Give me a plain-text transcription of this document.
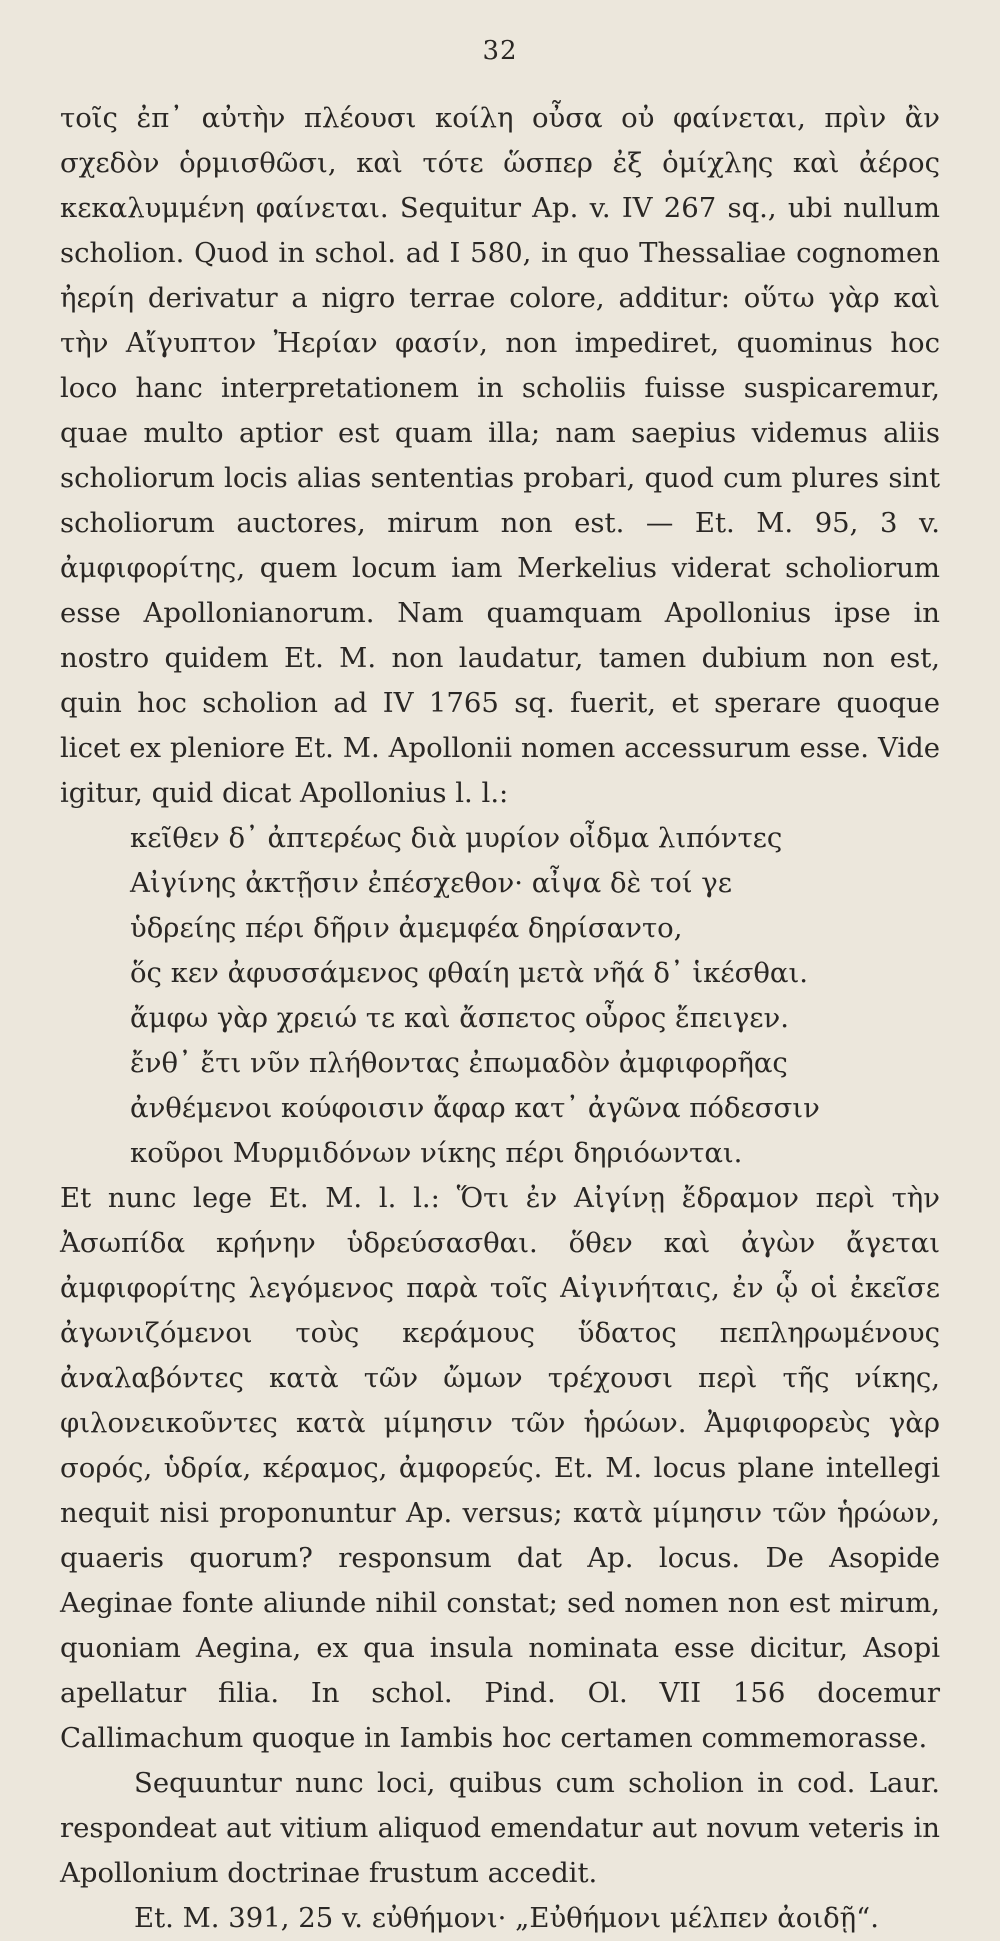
32

τοῖς ἐπ᾽ αὐτὴν πλέουσι κοίλη οὖσα οὐ φαίνεται, πρὶν ἂν σχεδὸν ὁρμισθῶσι, καὶ τότε ὥσπερ ἐξ ὁμίχλης καὶ ἀέρος κεκαλυμμένη φαίνεται. Sequitur Ap. v. IV 267 sq., ubi nullum scholion. Quod in schol. ad I 580, in quo Thessaliae cognomen ἠερίη derivatur a nigro terrae colore, additur: οὕτω γὰρ καὶ τὴν Αἴγυπτον Ἠερίαν φασίν, non impediret, quominus hoc loco hanc interpretationem in scholiis fuisse suspicaremur, quae multo aptior est quam illa; nam saepius videmus aliis scholiorum locis alias sententias probari, quod cum plures sint scholiorum auctores, mirum non est. — Et. M. 95, 3 v. ἀμφιφορίτης, quem locum iam Merkelius viderat scholiorum esse Apollonianorum. Nam quamquam Apollonius ipse in nostro quidem Et. M. non laudatur, tamen dubium non est, quin hoc scholion ad IV 1765 sq. fuerit, et sperare quoque licet ex pleniore Et. M. Apollonii nomen accessurum esse. Vide igitur, quid dicat Apollonius l. l.:

κεῖθεν δ᾽ ἀπτερέως διὰ μυρίον οἶδμα λιπόντες
Αἰγίνης ἀκτῇσιν ἐπέσχεθον· αἶψα δὲ τοί γε
ὑδρείης πέρι δῆριν ἀμεμφέα δηρίσαντο,
ὅς κεν ἀφυσσάμενος φθαίη μετὰ νῆά δ᾽ ἱκέσθαι.
ἄμφω γὰρ χρειώ τε καὶ ἄσπετος οὖρος ἔπειγεν.
ἔνθ᾽ ἔτι νῦν πλήθοντας ἐπωμαδὸν ἀμφιφορῆας
ἀνθέμενοι κούφοισιν ἄφαρ κατ᾽ ἀγῶνα πόδεσσιν
κοῦροι Μυρμιδόνων νίκης πέρι δηριόωνται.

Et nunc lege Et. M. l. l.: Ὅτι ἐν Αἰγίνῃ ἔδραμον περὶ τὴν Ἀσωπίδα κρήνην ὑδρεύσασθαι. ὅθεν καὶ ἀγὼν ἄγεται ἀμφιφορίτης λεγόμενος παρὰ τοῖς Αἰγινήταις, ἐν ᾧ οἱ ἐκεῖσε ἀγωνιζόμενοι τοὺς κεράμους ὕδατος πεπληρωμένους ἀναλαβόντες κατὰ τῶν ὤμων τρέχουσι περὶ τῆς νίκης, φιλονεικοῦντες κατὰ μίμησιν τῶν ἡρώων. Ἀμφιφορεὺς γὰρ σορός, ὑδρία, κέραμος, ἀμφορεύς. Et. M. locus plane intellegi nequit nisi proponuntur Ap. versus; κατὰ μίμησιν τῶν ἡρώων, quaeris quorum? responsum dat Ap. locus. De Asopide Aeginae fonte aliunde nihil constat; sed nomen non est mirum, quoniam Aegina, ex qua insula nominata esse dicitur, Asopi apellatur filia. In schol. Pind. Ol. VII 156 docemur Callimachum quoque in Iambis hoc certamen commemorasse.

Sequuntur nunc loci, quibus cum scholion in cod. Laur. respondeat aut vitium aliquod emendatur aut novum veteris in Apollonium doctrinae frustum accedit.

Et. M. 391, 25 v. εὐθήμονι· „Εὐθήμονι μέλπεν ἀοιδῇ“.
